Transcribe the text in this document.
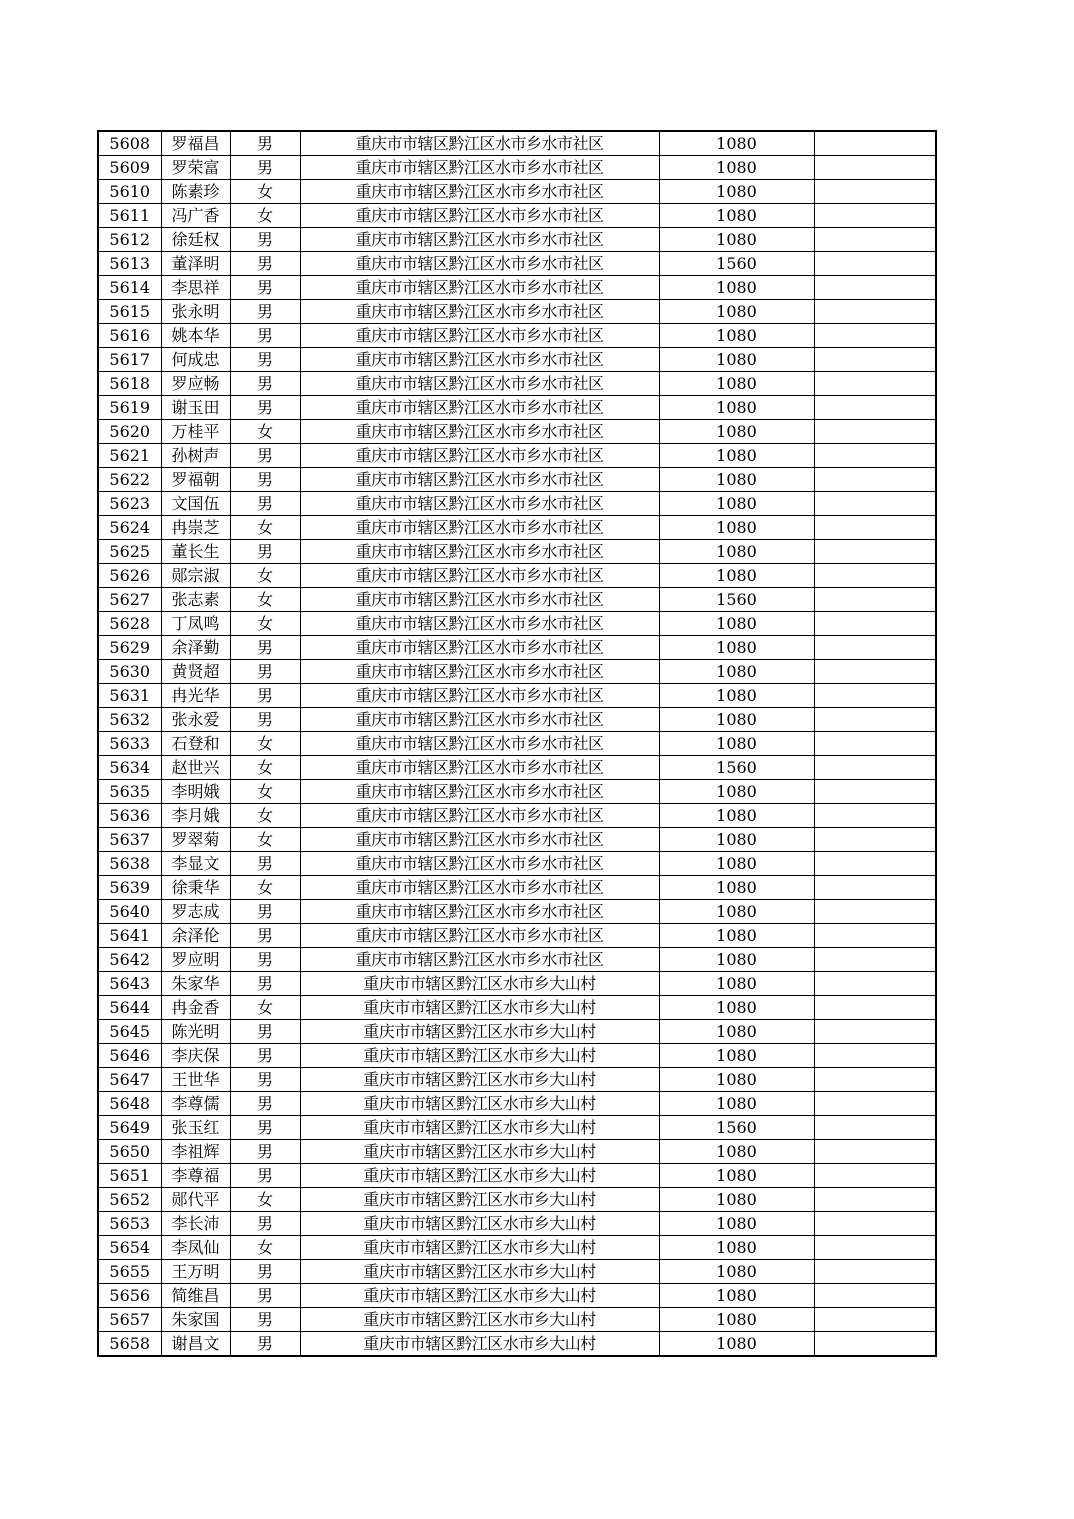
5608	罗福昌	男	重庆市市辖区黔江区水市乡水市社区	1080	
5609	罗荣富	男	重庆市市辖区黔江区水市乡水市社区	1080	
5610	陈素珍	女	重庆市市辖区黔江区水市乡水市社区	1080	
5611	冯广香	女	重庆市市辖区黔江区水市乡水市社区	1080	
5612	徐廷权	男	重庆市市辖区黔江区水市乡水市社区	1080	
5613	董泽明	男	重庆市市辖区黔江区水市乡水市社区	1560	
5614	李思祥	男	重庆市市辖区黔江区水市乡水市社区	1080	
5615	张永明	男	重庆市市辖区黔江区水市乡水市社区	1080	
5616	姚本华	男	重庆市市辖区黔江区水市乡水市社区	1080	
5617	何成忠	男	重庆市市辖区黔江区水市乡水市社区	1080	
5618	罗应畅	男	重庆市市辖区黔江区水市乡水市社区	1080	
5619	谢玉田	男	重庆市市辖区黔江区水市乡水市社区	1080	
5620	万桂平	女	重庆市市辖区黔江区水市乡水市社区	1080	
5621	孙树声	男	重庆市市辖区黔江区水市乡水市社区	1080	
5622	罗福朝	男	重庆市市辖区黔江区水市乡水市社区	1080	
5623	文国伍	男	重庆市市辖区黔江区水市乡水市社区	1080	
5624	冉崇芝	女	重庆市市辖区黔江区水市乡水市社区	1080	
5625	董长生	男	重庆市市辖区黔江区水市乡水市社区	1080	
5626	郧宗淑	女	重庆市市辖区黔江区水市乡水市社区	1080	
5627	张志素	女	重庆市市辖区黔江区水市乡水市社区	1560	
5628	丁凤鸣	女	重庆市市辖区黔江区水市乡水市社区	1080	
5629	余泽勤	男	重庆市市辖区黔江区水市乡水市社区	1080	
5630	黄贤超	男	重庆市市辖区黔江区水市乡水市社区	1080	
5631	冉光华	男	重庆市市辖区黔江区水市乡水市社区	1080	
5632	张永爱	男	重庆市市辖区黔江区水市乡水市社区	1080	
5633	石登和	女	重庆市市辖区黔江区水市乡水市社区	1080	
5634	赵世兴	女	重庆市市辖区黔江区水市乡水市社区	1560	
5635	李明娥	女	重庆市市辖区黔江区水市乡水市社区	1080	
5636	李月娥	女	重庆市市辖区黔江区水市乡水市社区	1080	
5637	罗翠菊	女	重庆市市辖区黔江区水市乡水市社区	1080	
5638	李显文	男	重庆市市辖区黔江区水市乡水市社区	1080	
5639	徐秉华	女	重庆市市辖区黔江区水市乡水市社区	1080	
5640	罗志成	男	重庆市市辖区黔江区水市乡水市社区	1080	
5641	余泽伦	男	重庆市市辖区黔江区水市乡水市社区	1080	
5642	罗应明	男	重庆市市辖区黔江区水市乡水市社区	1080	
5643	朱家华	男	重庆市市辖区黔江区水市乡大山村	1080	
5644	冉金香	女	重庆市市辖区黔江区水市乡大山村	1080	
5645	陈光明	男	重庆市市辖区黔江区水市乡大山村	1080	
5646	李庆保	男	重庆市市辖区黔江区水市乡大山村	1080	
5647	王世华	男	重庆市市辖区黔江区水市乡大山村	1080	
5648	李尊儒	男	重庆市市辖区黔江区水市乡大山村	1080	
5649	张玉红	男	重庆市市辖区黔江区水市乡大山村	1560	
5650	李祖辉	男	重庆市市辖区黔江区水市乡大山村	1080	
5651	李尊福	男	重庆市市辖区黔江区水市乡大山村	1080	
5652	郧代平	女	重庆市市辖区黔江区水市乡大山村	1080	
5653	李长沛	男	重庆市市辖区黔江区水市乡大山村	1080	
5654	李凤仙	女	重庆市市辖区黔江区水市乡大山村	1080	
5655	王万明	男	重庆市市辖区黔江区水市乡大山村	1080	
5656	简维昌	男	重庆市市辖区黔江区水市乡大山村	1080	
5657	朱家国	男	重庆市市辖区黔江区水市乡大山村	1080	
5658	谢昌文	男	重庆市市辖区黔江区水市乡大山村	1080	
